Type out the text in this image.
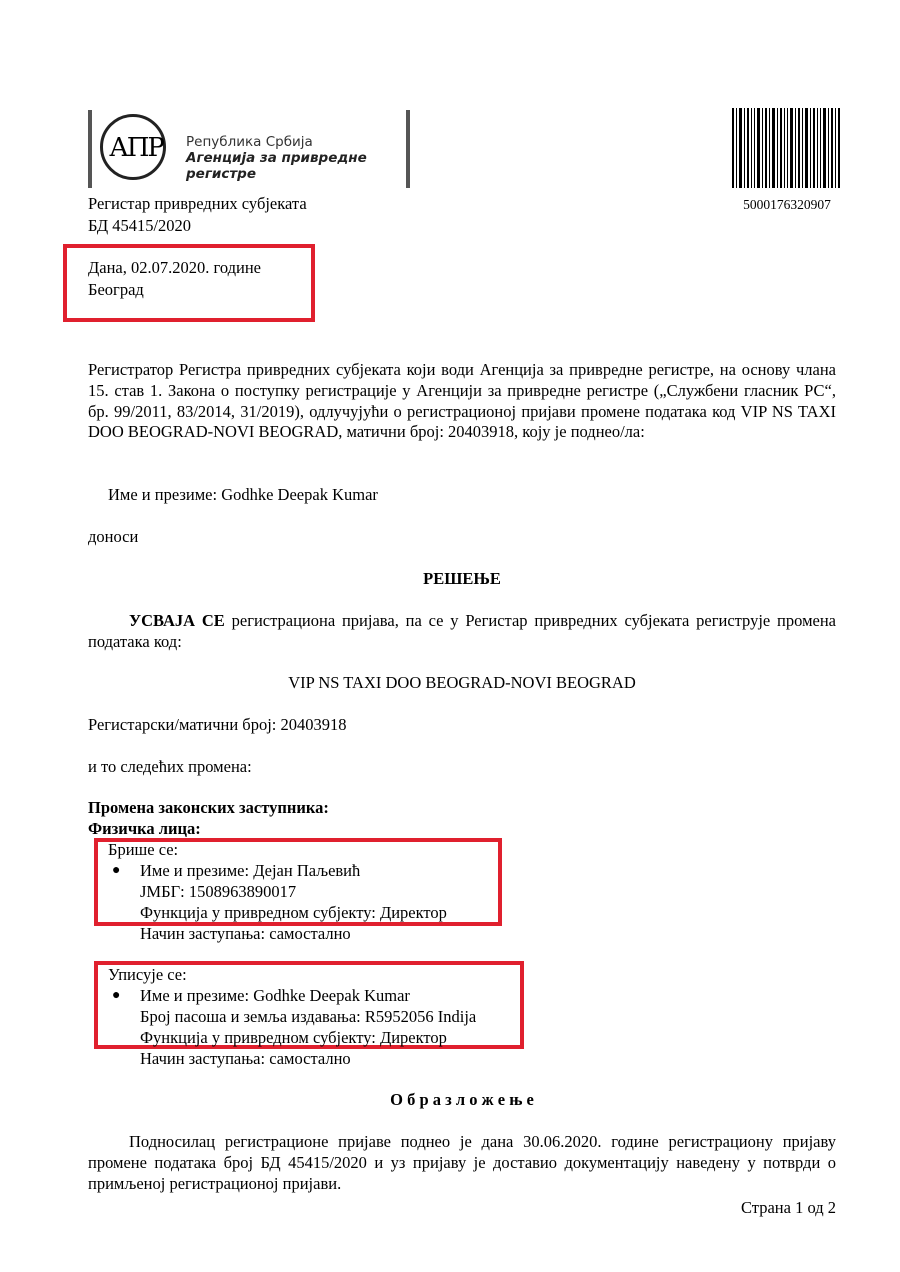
АПР	Република Србија
Агенција за привредне регистре
5000176320907
Регистар привредних субјеката
БД 45415/2020
Дана, 02.07.2020. године
Београд
Регистратор Регистра привредних субјеката који води Агенција за привредне регистре, на основу члана 15. став 1. Закона о поступку регистрације у Агенцији за привредне регистре („Службени гласник РС“, бр. 99/2011, 83/2014, 31/2019), одлучујући о регистрационој пријави промене података код VIP NS TAXI DOO BEOGRAD-NOVI BEOGRAD, матични број: 20403918, коју је поднео/ла:
Име и презиме: Godhke Deepak Kumar
доноси
РЕШЕЊЕ
УСВАЈА СЕ регистрациона пријава, па се у Регистар привредних субјеката региструје промена података код:
VIP NS TAXI DOO BEOGRAD-NOVI BEOGRAD
Регистарски/матични број: 20403918
и то следећих промена:
Промена законских заступника:
Физичка лица:
Брише се:
● Име и презиме: Дејан Паљевић
ЈМБГ: 1508963890017
Функција у привредном субјекту: Директор
Начин заступања: самостално
Уписује се:
● Име и презиме: Godhke Deepak Kumar
Број пасоша и земља издавања: R5952056 Indija
Функција у привредном субјекту: Директор
Начин заступања: самостално
О б р а з л о ж е њ е
Подносилац регистрационе пријаве поднео је дана 30.06.2020. године регистрациону пријаву промене података број БД 45415/2020 и уз пријаву је доставио документацију наведену у потврди о примљеној регистрационој пријави.
Страна 1 од 2
